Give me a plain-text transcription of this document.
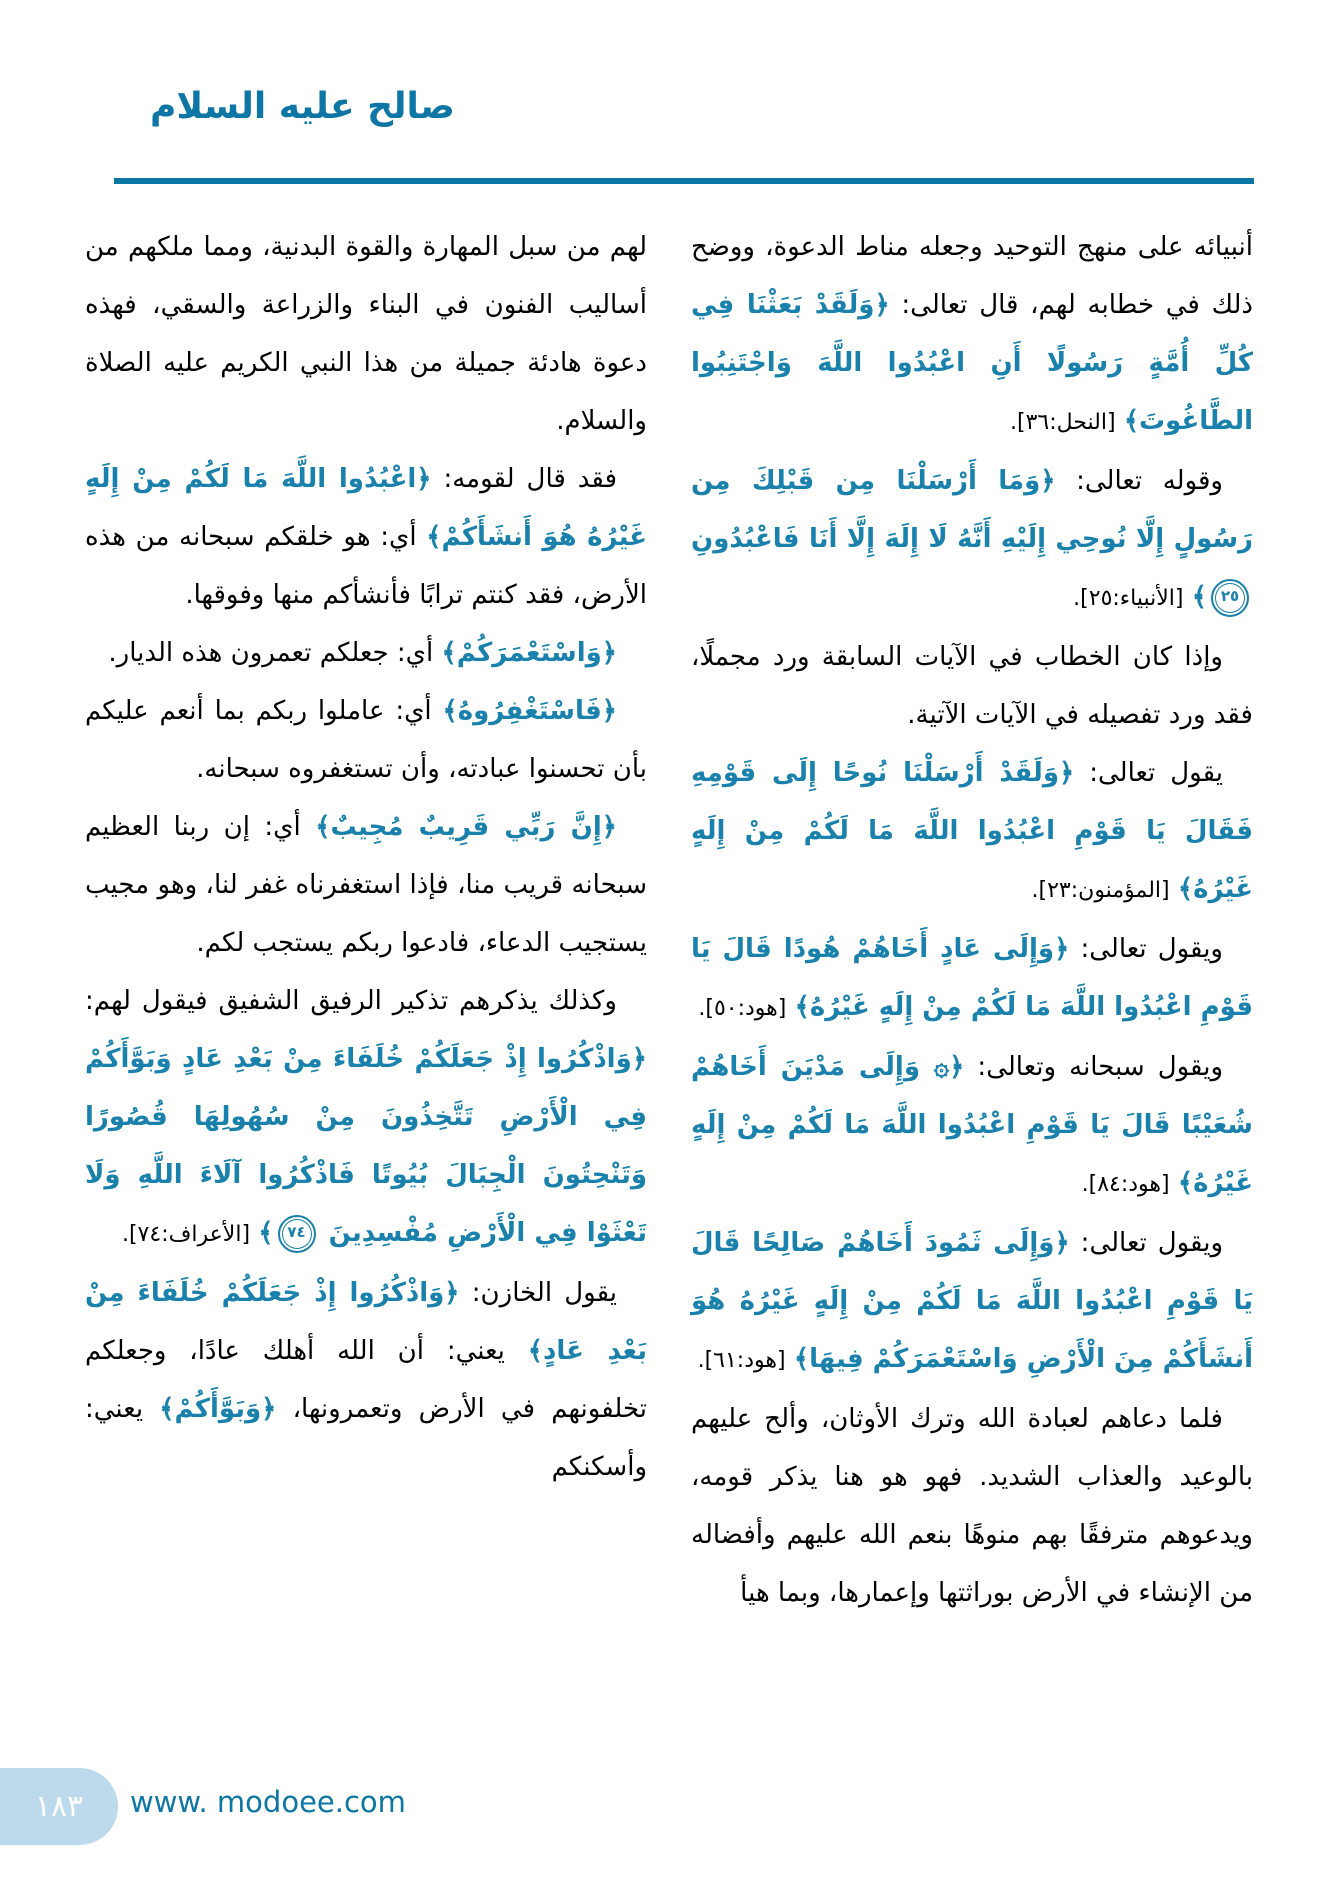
صالح عليه السلام

أنبيائه على منهج التوحيد وجعله مناط الدعوة، ووضح ذلك في خطابه لهم، قال تعالى: ﴿وَلَقَدْ بَعَثْنَا فِي كُلِّ أُمَّةٍ رَسُولًا أَنِ اعْبُدُوا اللَّهَ وَاجْتَنِبُوا الطَّاغُوتَ﴾ [النحل:٣٦].

وقوله تعالى: ﴿وَمَا أَرْسَلْنَا مِن قَبْلِكَ مِن رَسُولٍ إِلَّا نُوحِي إِلَيْهِ أَنَّهُ لَا إِلَهَ إِلَّا أَنَا فَاعْبُدُونِ ٢٥﴾ [الأنبياء:٢٥].

وإذا كان الخطاب في الآيات السابقة ورد مجملًا، فقد ورد تفصيله في الآيات الآتية.

يقول تعالى: ﴿وَلَقَدْ أَرْسَلْنَا نُوحًا إِلَى قَوْمِهِ فَقَالَ يَا قَوْمِ اعْبُدُوا اللَّهَ مَا لَكُمْ مِنْ إِلَهٍ غَيْرُهُ﴾ [المؤمنون:٢٣].

ويقول تعالى: ﴿وَإِلَى عَادٍ أَخَاهُمْ هُودًا قَالَ يَا قَوْمِ اعْبُدُوا اللَّهَ مَا لَكُمْ مِنْ إِلَهٍ غَيْرُهُ﴾ [هود:٥٠].

ويقول سبحانه وتعالى: ﴿۞ وَإِلَى مَدْيَنَ أَخَاهُمْ شُعَيْبًا قَالَ يَا قَوْمِ اعْبُدُوا اللَّهَ مَا لَكُمْ مِنْ إِلَهٍ غَيْرُهُ﴾ [هود:٨٤].

ويقول تعالى: ﴿وَإِلَى ثَمُودَ أَخَاهُمْ صَالِحًا قَالَ يَا قَوْمِ اعْبُدُوا اللَّهَ مَا لَكُمْ مِنْ إِلَهٍ غَيْرُهُ هُوَ أَنشَأَكُمْ مِنَ الْأَرْضِ وَاسْتَعْمَرَكُمْ فِيهَا﴾ [هود:٦١].

فلما دعاهم لعبادة الله وترك الأوثان، وألح عليهم بالوعيد والعذاب الشديد. فهو هو هنا يذكر قومه، ويدعوهم مترفقًا بهم منوهًا بنعم الله عليهم وأفضاله من الإنشاء في الأرض بوراثتها وإعمارها، وبما هيأ

لهم من سبل المهارة والقوة البدنية، ومما ملكهم من أساليب الفنون في البناء والزراعة والسقي، فهذه دعوة هادئة جميلة من هذا النبي الكريم عليه الصلاة والسلام.

فقد قال لقومه: ﴿اعْبُدُوا اللَّهَ مَا لَكُمْ مِنْ إِلَهٍ غَيْرُهُ هُوَ أَنشَأَكُمْ﴾ أي: هو خلقكم سبحانه من هذه الأرض، فقد كنتم ترابًا فأنشأكم منها وفوقها.

﴿وَاسْتَعْمَرَكُمْ﴾ أي: جعلكم تعمرون هذه الديار.

﴿فَاسْتَغْفِرُوهُ﴾ أي: عاملوا ربكم بما أنعم عليكم بأن تحسنوا عبادته، وأن تستغفروه سبحانه.

﴿إِنَّ رَبِّي قَرِيبٌ مُجِيبٌ﴾ أي: إن ربنا العظيم سبحانه قريب منا، فإذا استغفرناه غفر لنا، وهو مجيب يستجيب الدعاء، فادعوا ربكم يستجب لكم.

وكذلك يذكرهم تذكير الرفيق الشفيق فيقول لهم: ﴿وَاذْكُرُوا إِذْ جَعَلَكُمْ خُلَفَاءَ مِنْ بَعْدِ عَادٍ وَبَوَّأَكُمْ فِي الْأَرْضِ تَتَّخِذُونَ مِنْ سُهُولِهَا قُصُورًا وَتَنْحِتُونَ الْجِبَالَ بُيُوتًا فَاذْكُرُوا آلَاءَ اللَّهِ وَلَا تَعْثَوْا فِي الْأَرْضِ مُفْسِدِينَ ٧٤﴾ [الأعراف:٧٤].

يقول الخازن: ﴿وَاذْكُرُوا إِذْ جَعَلَكُمْ خُلَفَاءَ مِنْ بَعْدِ عَادٍ﴾ يعني: أن الله أهلك عادًا، وجعلكم تخلفونهم في الأرض وتعمرونها، ﴿وَبَوَّأَكُمْ﴾ يعني: وأسكنكم

١٨٣ www. modoee.com
